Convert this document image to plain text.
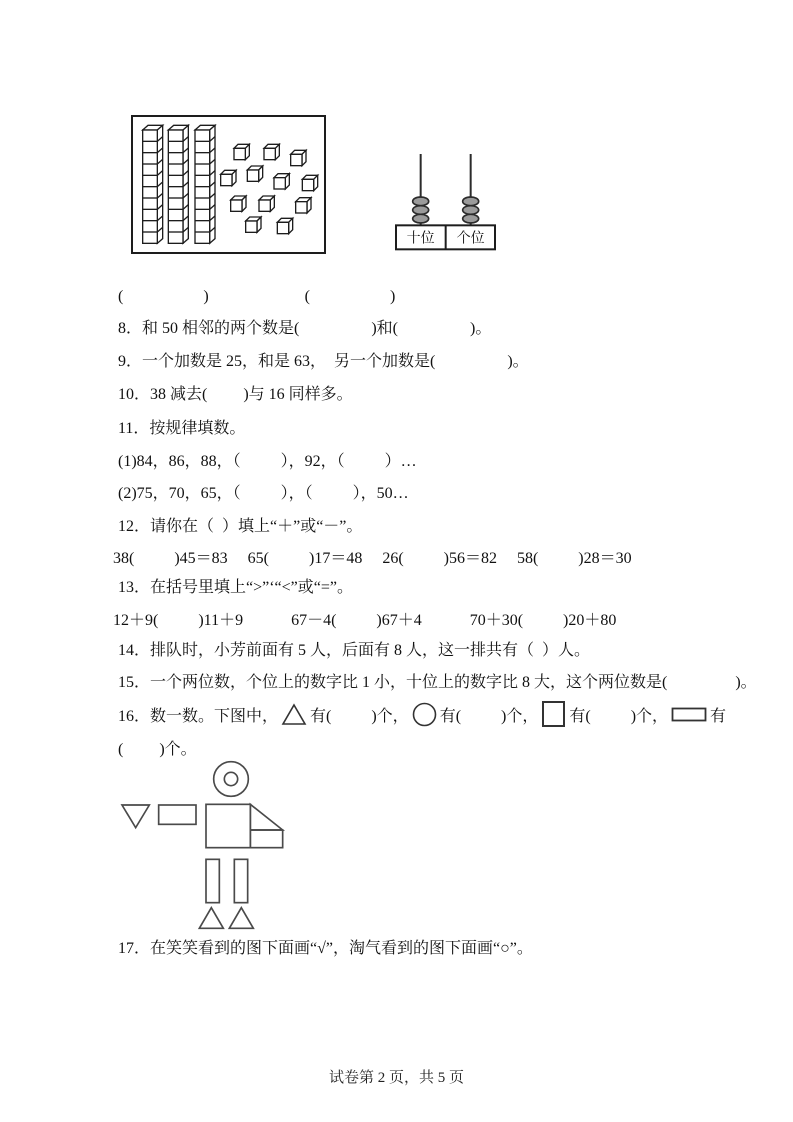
十位 个位
(                    )                        (                    )
8．和 50 相邻的两个数是(                  )和(                  )。
9．一个加数是 25，和是 63，  另一个加数是(                  )。
10．38 减去(         )与 16 同样多。
11．按规律填数。
(1)84，86，88，（          ），92，（          ）…
(2)75，70，65，（          ），（          ），50…
12．请你在（  ）填上“＋”或“－”。
38(          )45＝83     65(          )17＝48     26(          )56＝82     58(          )28＝30
13．在括号里填上“>”‘“<”或“=”。
12＋9(          )11＋9            67－4(          )67＋4            70＋30(          )20＋80
14．排队时，小芳前面有 5 人，后面有 8 人，这一排共有（  ）人。
15．一个两位数，个位上的数字比 1 小，十位上的数字比 8 大，这个两位数是(                 )。
16．数一数。下图中， 有(          )个， 有(          )个， 有(          )个，	有
(         )个。
17．在笑笑看到的图下面画“√”，淘气看到的图下面画“○”。
试卷第 2 页，共 5 页
